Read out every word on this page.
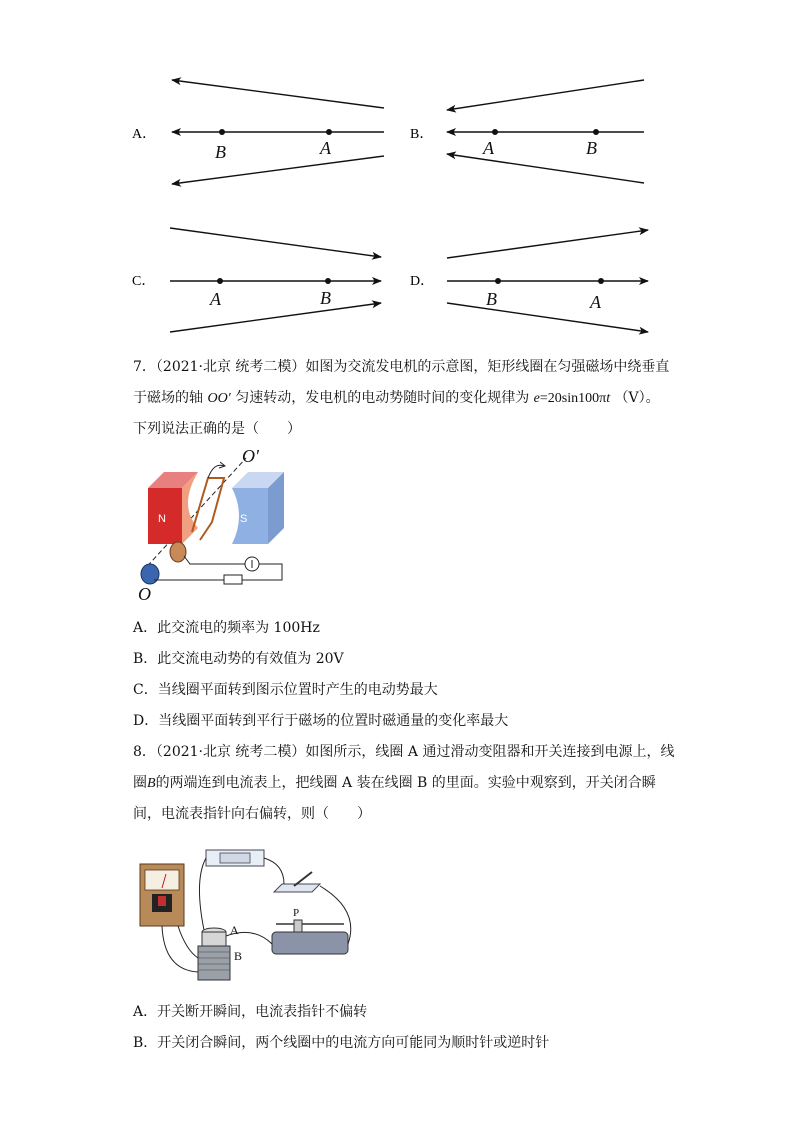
A．
B	A
B．
A	B
C．
A	B
D．
B	A
7．（2021·北京 统考二模）如图为交流发电机的示意图，矩形线圈在匀强磁场中绕垂直
于磁场的轴 OO′ 匀速转动，发电机的电动势随时间的变化规律为 e=20sin100πt （V）。
下列说法正确的是（　　）
N	S
O′
O
A．此交流电的频率为 100Hz
B．此交流电动势的有效值为 20V
C．当线圈平面转到图示位置时产生的电动势最大
D．当线圈平面转到平行于磁场的位置时磁通量的变化率最大
8．（2021·北京 统考二模）如图所示，线圈 A 通过滑动变阻器和开关连接到电源上，线
圈B的两端连到电流表上，把线圈 A 装在线圈 B 的里面。实验中观察到，开关闭合瞬
间，电流表指针向右偏转，则（　　）
P
A
B
A．开关断开瞬间，电流表指针不偏转
B．开关闭合瞬间，两个线圈中的电流方向可能同为顺时针或逆时针
